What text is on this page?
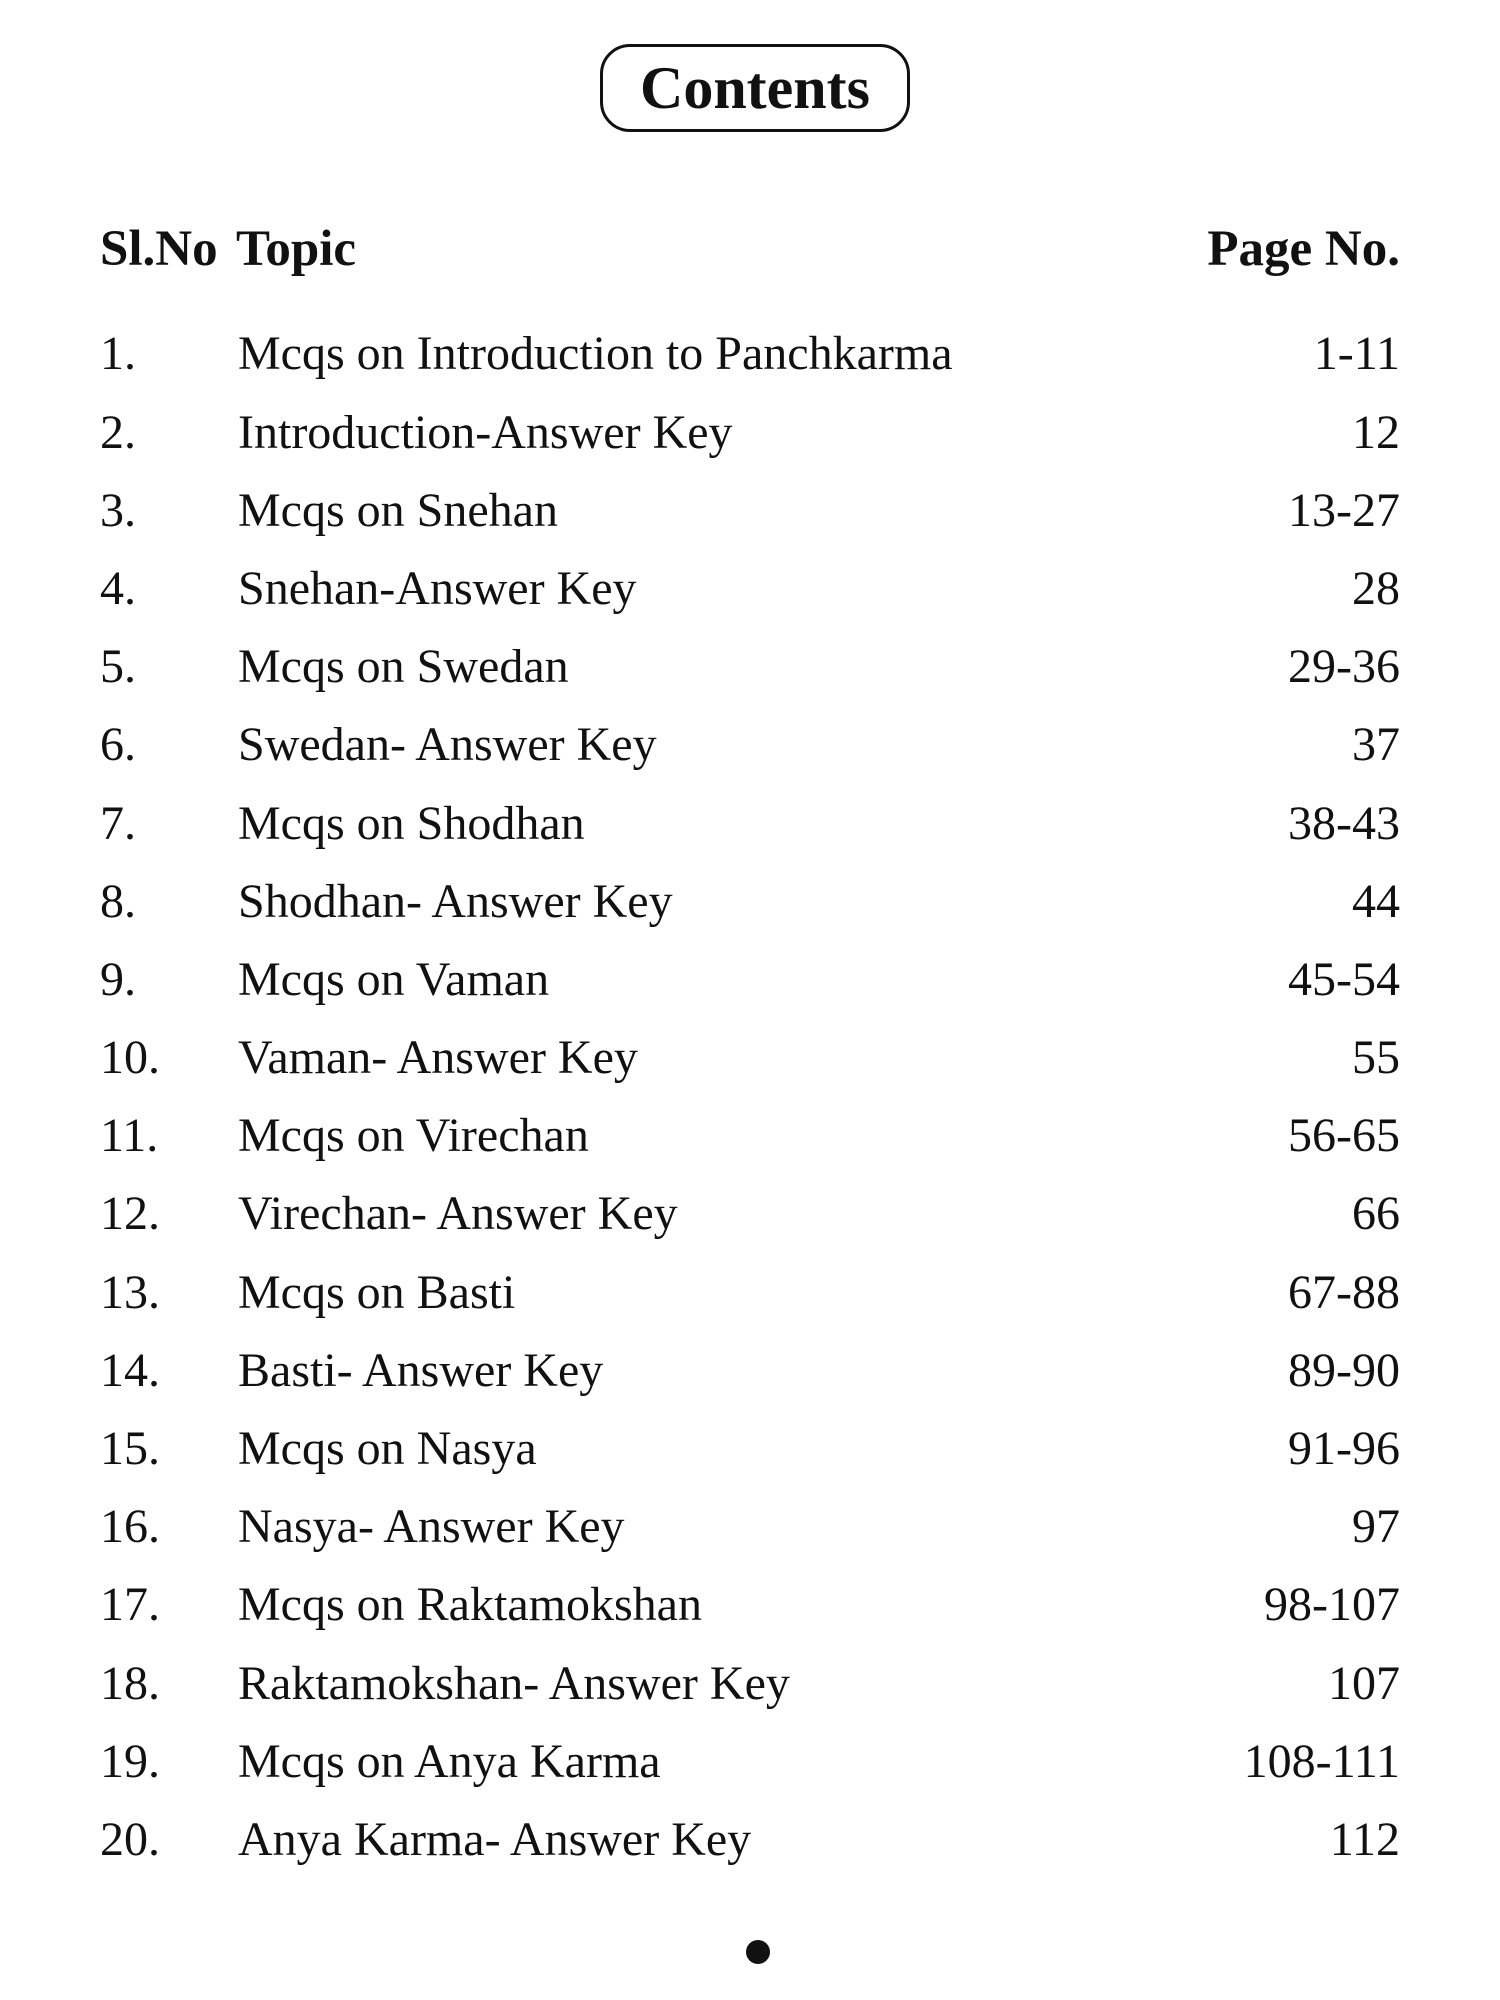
Contents
Sl.No Topic	Page No.
1. Mcqs on Introduction to Panchkarma	1-11
2. Introduction-Answer Key	12
3. Mcqs on Snehan	13-27
4. Snehan-Answer Key	28
5. Mcqs on Swedan	29-36
6. Swedan- Answer Key	37
7. Mcqs on Shodhan	38-43
8. Shodhan- Answer Key	44
9. Mcqs on Vaman	45-54
10. Vaman- Answer Key	55
11. Mcqs on Virechan	56-65
12. Virechan- Answer Key	66
13. Mcqs on Basti	67-88
14. Basti- Answer Key	89-90
15. Mcqs on Nasya	91-96
16. Nasya- Answer Key	97
17. Mcqs on Raktamokshan	98-107
18. Raktamokshan- Answer Key	107
19. Mcqs on Anya Karma	108-111
20. Anya Karma- Answer Key	112
